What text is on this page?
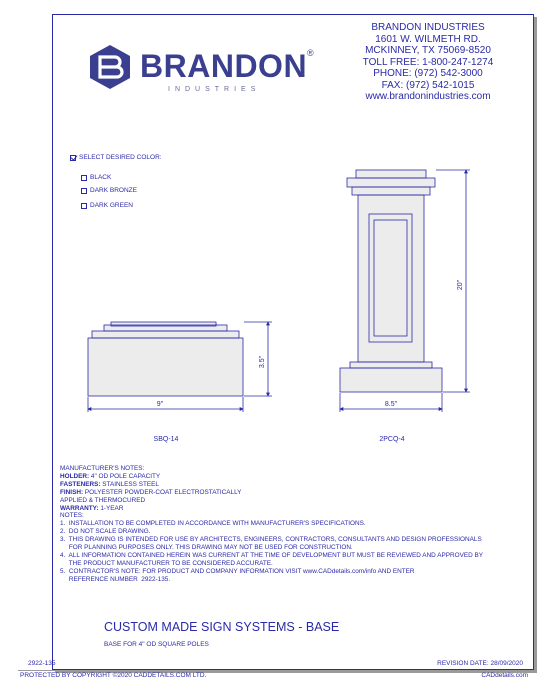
BRANDON®
INDUSTRIES
BRANDON INDUSTRIES
1601 W. WILMETH RD.
MCKINNEY, TX 75069-8520
TOLL FREE: 1-800-247-1274
PHONE: (972) 542-3000
FAX: (972) 542-1015
www.brandonindustries.com
SELECT DESIRED COLOR:
BLACK
DARK BRONZE
DARK GREEN
9"
3.5"
SBQ-14
8.5"
20"
2PCQ-4
MANUFACTURER'S NOTES:
HOLDER: 4" OD POLE CAPACITY
FASTENERS: STAINLESS STEEL
FINISH: POLYESTER POWDER-COAT ELECTROSTATICALLY
APPLIED & THERMOCURED
WARRANTY: 1-YEAR
NOTES:
1.  INSTALLATION TO BE COMPLETED IN ACCORDANCE WITH MANUFACTURER'S SPECIFICATIONS.
2.  DO NOT SCALE DRAWING.
3.  THIS DRAWING IS INTENDED FOR USE BY ARCHITECTS, ENGINEERS, CONTRACTORS, CONSULTANTS AND DESIGN PROFESSIONALS
FOR PLANNING PURPOSES ONLY. THIS DRAWING MAY NOT BE USED FOR CONSTRUCTION.
4.  ALL INFORMATION CONTAINED HEREIN WAS CURRENT AT THE TIME OF DEVELOPMENT BUT MUST BE REVIEWED AND APPROVED BY
THE PRODUCT MANUFACTURER TO BE CONSIDERED ACCURATE.
5.  CONTRACTOR'S NOTE: FOR PRODUCT AND COMPANY INFORMATION VISIT www.CADdetails.com/info AND ENTER
REFERENCE NUMBER  2922-135.
CUSTOM MADE SIGN SYSTEMS - BASE
BASE FOR 4" OD SQUARE POLES
2922-135	REVISION DATE: 28/09/2020
PROTECTED BY COPYRIGHT ©2020 CADDETAILS.COM LTD.	CADdetails.com
